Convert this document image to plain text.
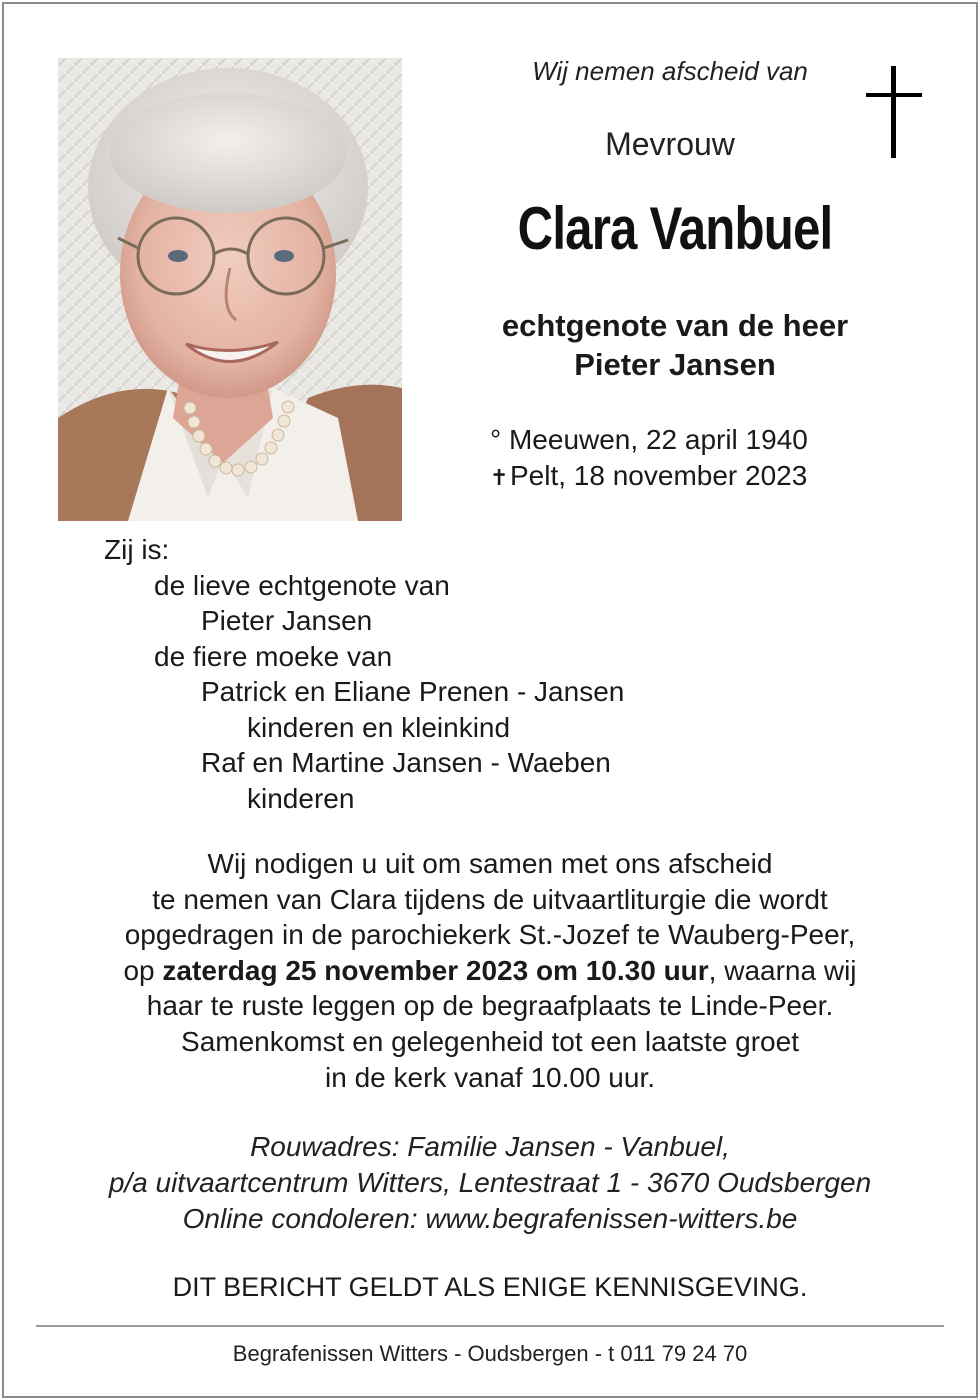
Wij nemen afscheid van
Mevrouw
Clara Vanbuel
echtgenote van de heer
Pieter Jansen
° Meeuwen, 22 april 1940
✝Pelt, 18 november 2023
Zij is:
de lieve echtgenote van
Pieter Jansen
de fiere moeke van
Patrick en Eliane Prenen - Jansen
kinderen en kleinkind
Raf en Martine Jansen - Waeben
kinderen
Wij nodigen u uit om samen met ons afscheid
te nemen van Clara tijdens de uitvaartliturgie die wordt
opgedragen in de parochiekerk St.-Jozef te Wauberg-Peer,
op zaterdag 25 november 2023 om 10.30 uur, waarna wij
haar te ruste leggen op de begraafplaats te Linde-Peer.
Samenkomst en gelegenheid tot een laatste groet
in de kerk vanaf 10.00 uur.
Rouwadres: Familie Jansen - Vanbuel,
p/a uitvaartcentrum Witters, Lentestraat 1 - 3670 Oudsbergen
Online condoleren: www.begrafenissen-witters.be
DIT BERICHT GELDT ALS ENIGE KENNISGEVING.
Begrafenissen Witters - Oudsbergen - t 011 79 24 70
